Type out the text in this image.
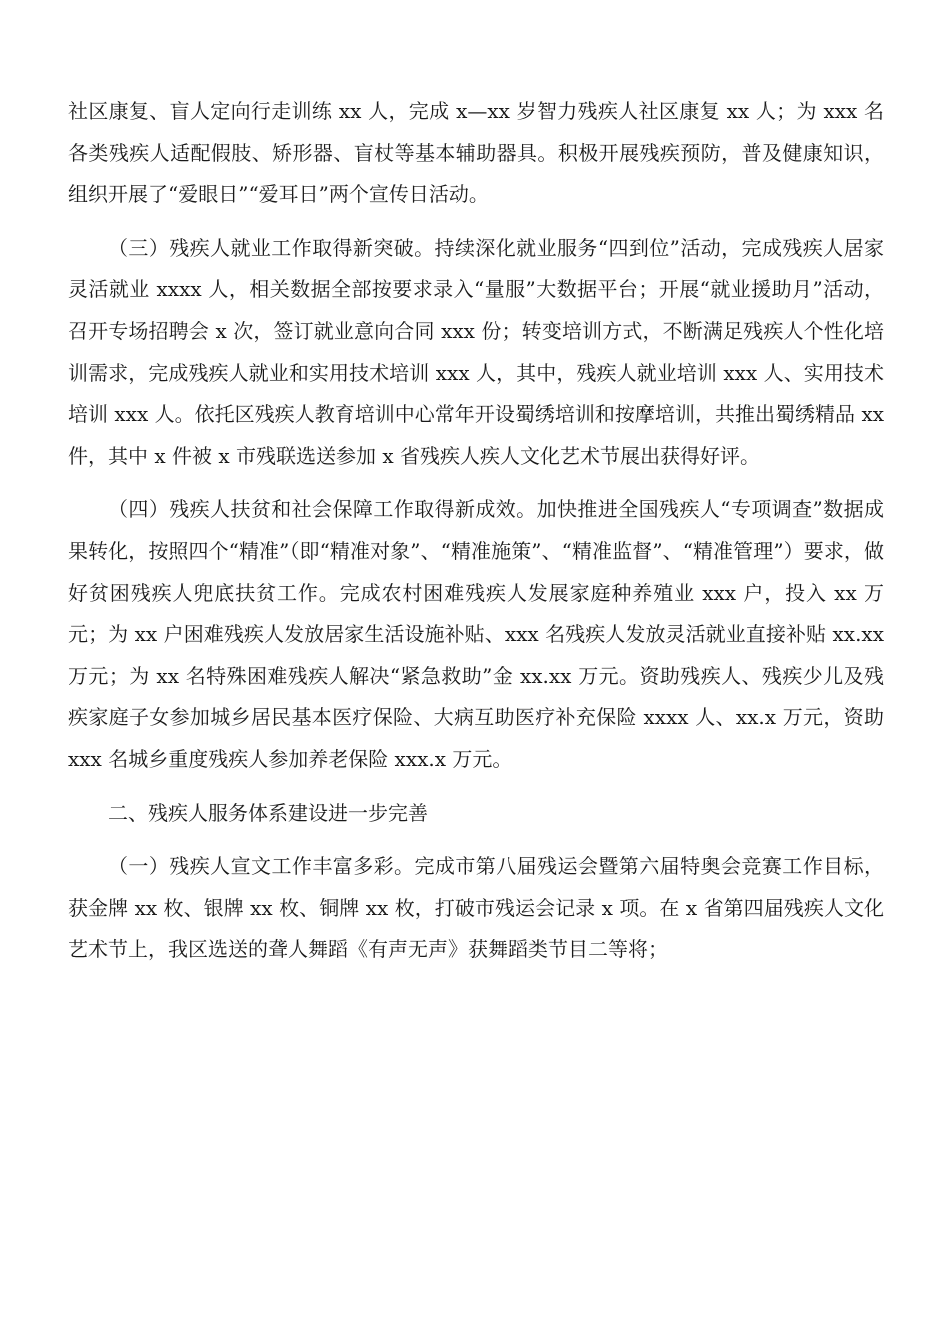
社区康复、盲人定向行走训练 xx 人，完成 x—xx 岁智力残疾人社区康复 xx 人；为 xxx 名各类残疾人适配假肢、矫形器、盲杖等基本辅助器具。积极开展残疾预防，普及健康知识，组织开展了“爱眼日”“爱耳日”两个宣传日活动。

（三）残疾人就业工作取得新突破。持续深化就业服务“四到位”活动，完成残疾人居家灵活就业 xxxx 人，相关数据全部按要求录入“量服”大数据平台；开展“就业援助月”活动，召开专场招聘会 x 次，签订就业意向合同 xxx 份；转变培训方式，不断满足残疾人个性化培训需求，完成残疾人就业和实用技术培训 xxx 人，其中，残疾人就业培训 xxx 人、实用技术培训 xxx 人。依托区残疾人教育培训中心常年开设蜀绣培训和按摩培训，共推出蜀绣精品 xx 件，其中 x 件被 x 市残联选送参加 x 省残疾人疾人文化艺术节展出获得好评。

（四）残疾人扶贫和社会保障工作取得新成效。加快推进全国残疾人“专项调查”数据成果转化，按照四个“精准”（即“精准对象”、“精准施策”、“精准监督”、“精准管理”）要求，做好贫困残疾人兜底扶贫工作。完成农村困难残疾人发展家庭种养殖业 xxx 户，投入 xx 万元；为 xx 户困难残疾人发放居家生活设施补贴、xxx 名残疾人发放灵活就业直接补贴 xx.xx 万元；为 xx 名特殊困难残疾人解决“紧急救助”金 xx.xx 万元。资助残疾人、残疾少儿及残疾家庭子女参加城乡居民基本医疗保险、大病互助医疗补充保险 xxxx 人、xx.x 万元，资助 xxx 名城乡重度残疾人参加养老保险 xxx.x 万元。

二、残疾人服务体系建设进一步完善

（一）残疾人宣文工作丰富多彩。完成市第八届残运会暨第六届特奥会竞赛工作目标，获金牌 xx 枚、银牌 xx 枚、铜牌 xx 枚，打破市残运会记录 x 项。在 x 省第四届残疾人文化艺术节上，我区选送的聋人舞蹈《有声无声》获舞蹈类节目二等将；
